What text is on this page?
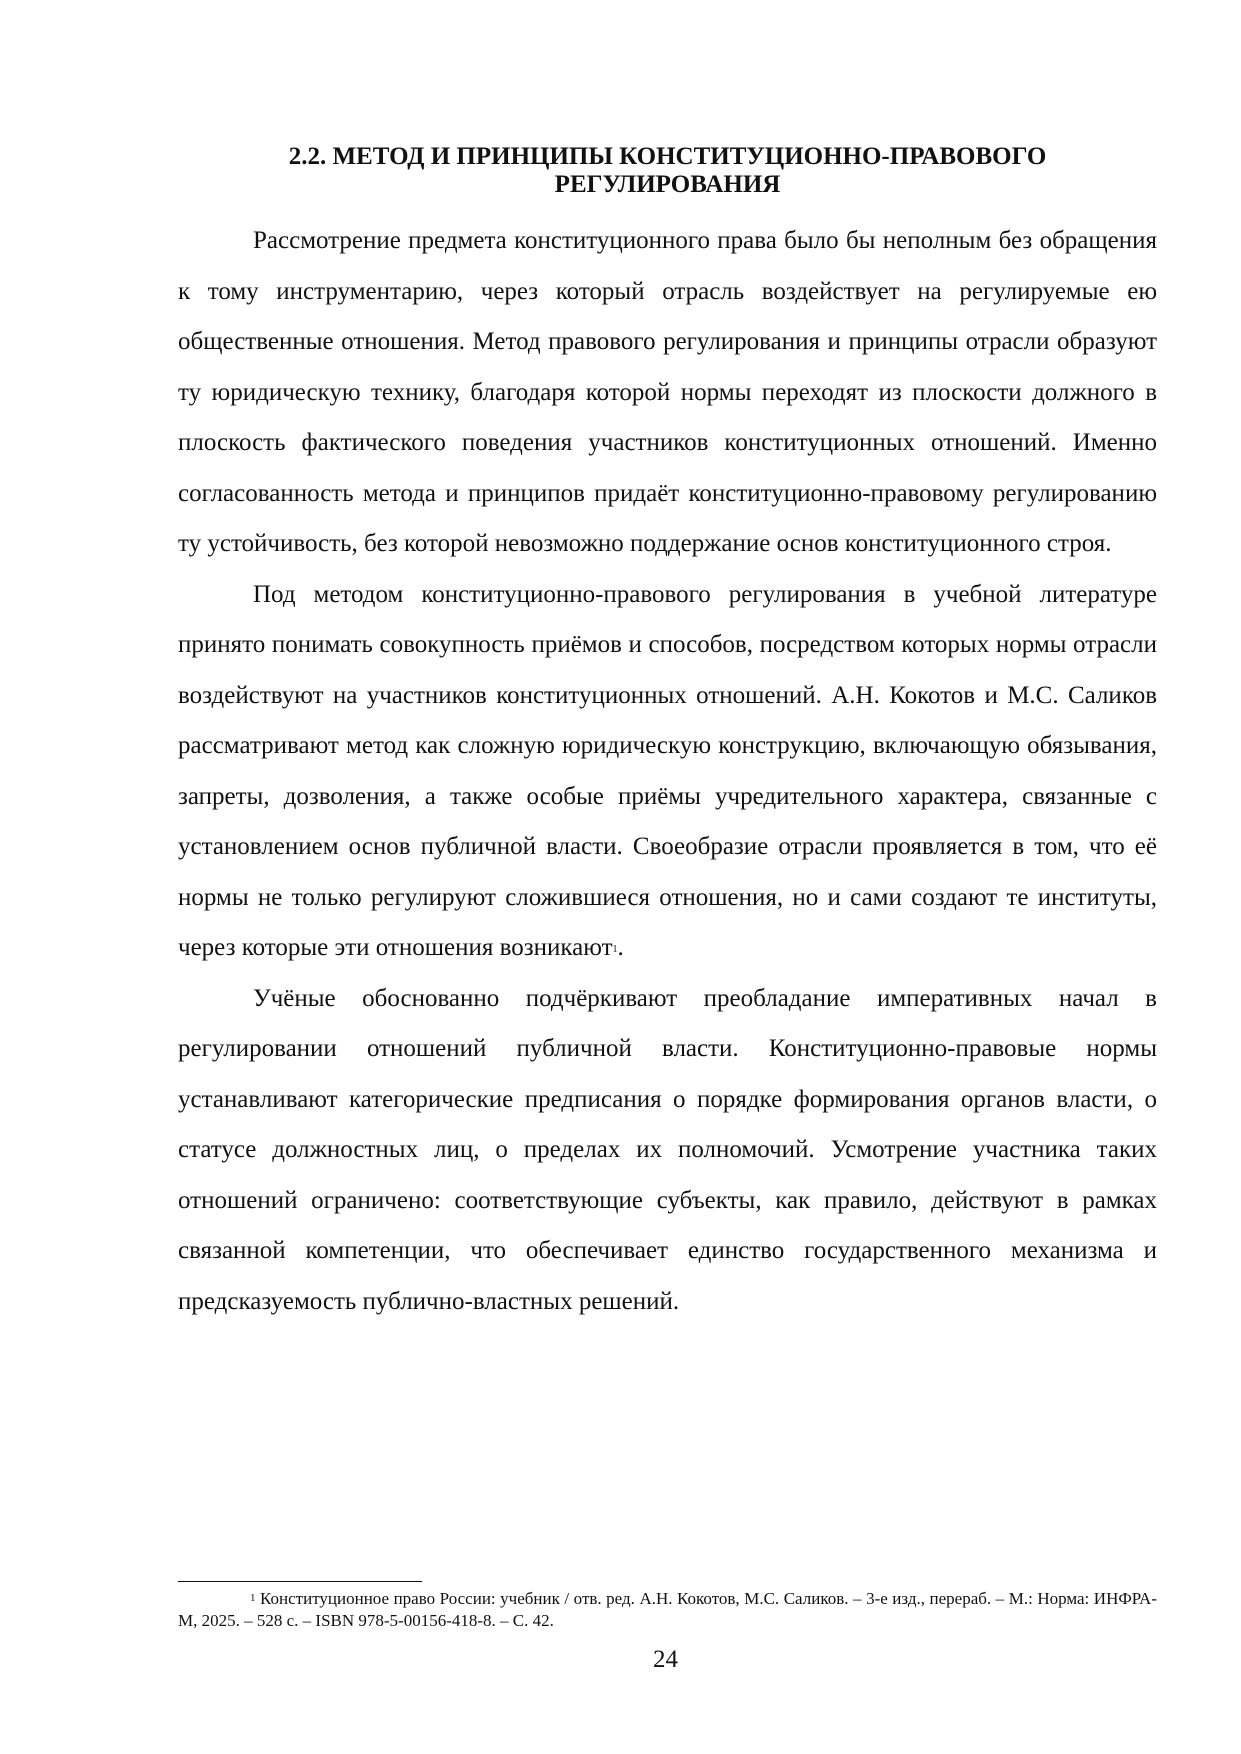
2.2. МЕТОД И ПРИНЦИПЫ КОНСТИТУЦИОННО-ПРАВОВОГО
РЕГУЛИРОВАНИЯ

Рассмотрение предмета конституционного права было бы неполным без обращения к тому инструментарию, через который отрасль воздействует на регулируемые ею общественные отношения. Метод правового регулирования и принципы отрасли образуют ту юридическую технику, благодаря которой нормы переходят из плоскости должного в плоскость фактического поведения участников конституционных отношений. Именно согласованность метода и принципов придаёт конституционно-правовому регулированию ту устойчивость, без которой невозможно поддержание основ конституционного строя.

Под методом конституционно-правового регулирования в учебной литературе принято понимать совокупность приёмов и способов, посредством которых нормы отрасли воздействуют на участников конституционных отношений. А.Н. Кокотов и М.С. Саликов рассматривают метод как сложную юридическую конструкцию, включающую обязывания, запреты, дозволения, а также особые приёмы учредительного характера, связанные с установлением основ публичной власти. Своеобразие отрасли проявляется в том, что её нормы не только регулируют сложившиеся отношения, но и сами создают те институты, через которые эти отношения возникают$^1$.

Учёные обоснованно подчёркивают преобладание императивных начал в регулировании отношений публичной власти. Конституционно-правовые нормы устанавливают категорические предписания о порядке формирования органов власти, о статусе должностных лиц, о пределах их полномочий. Усмотрение участника таких отношений ограничено: соответствующие субъекты, как правило, действуют в рамках связанной компетенции, что обеспечивает единство государственного механизма и предсказуемость публично-властных решений.

$^1$ Конституционное право России: учебник / отв. ред. А.Н. Кокотов, М.С. Саликов. – 3-е изд., перераб. – М.: Норма: ИНФРА-М, 2025. – 528 с. – ISBN 978-5-00156-418-8. – С. 42.

24
